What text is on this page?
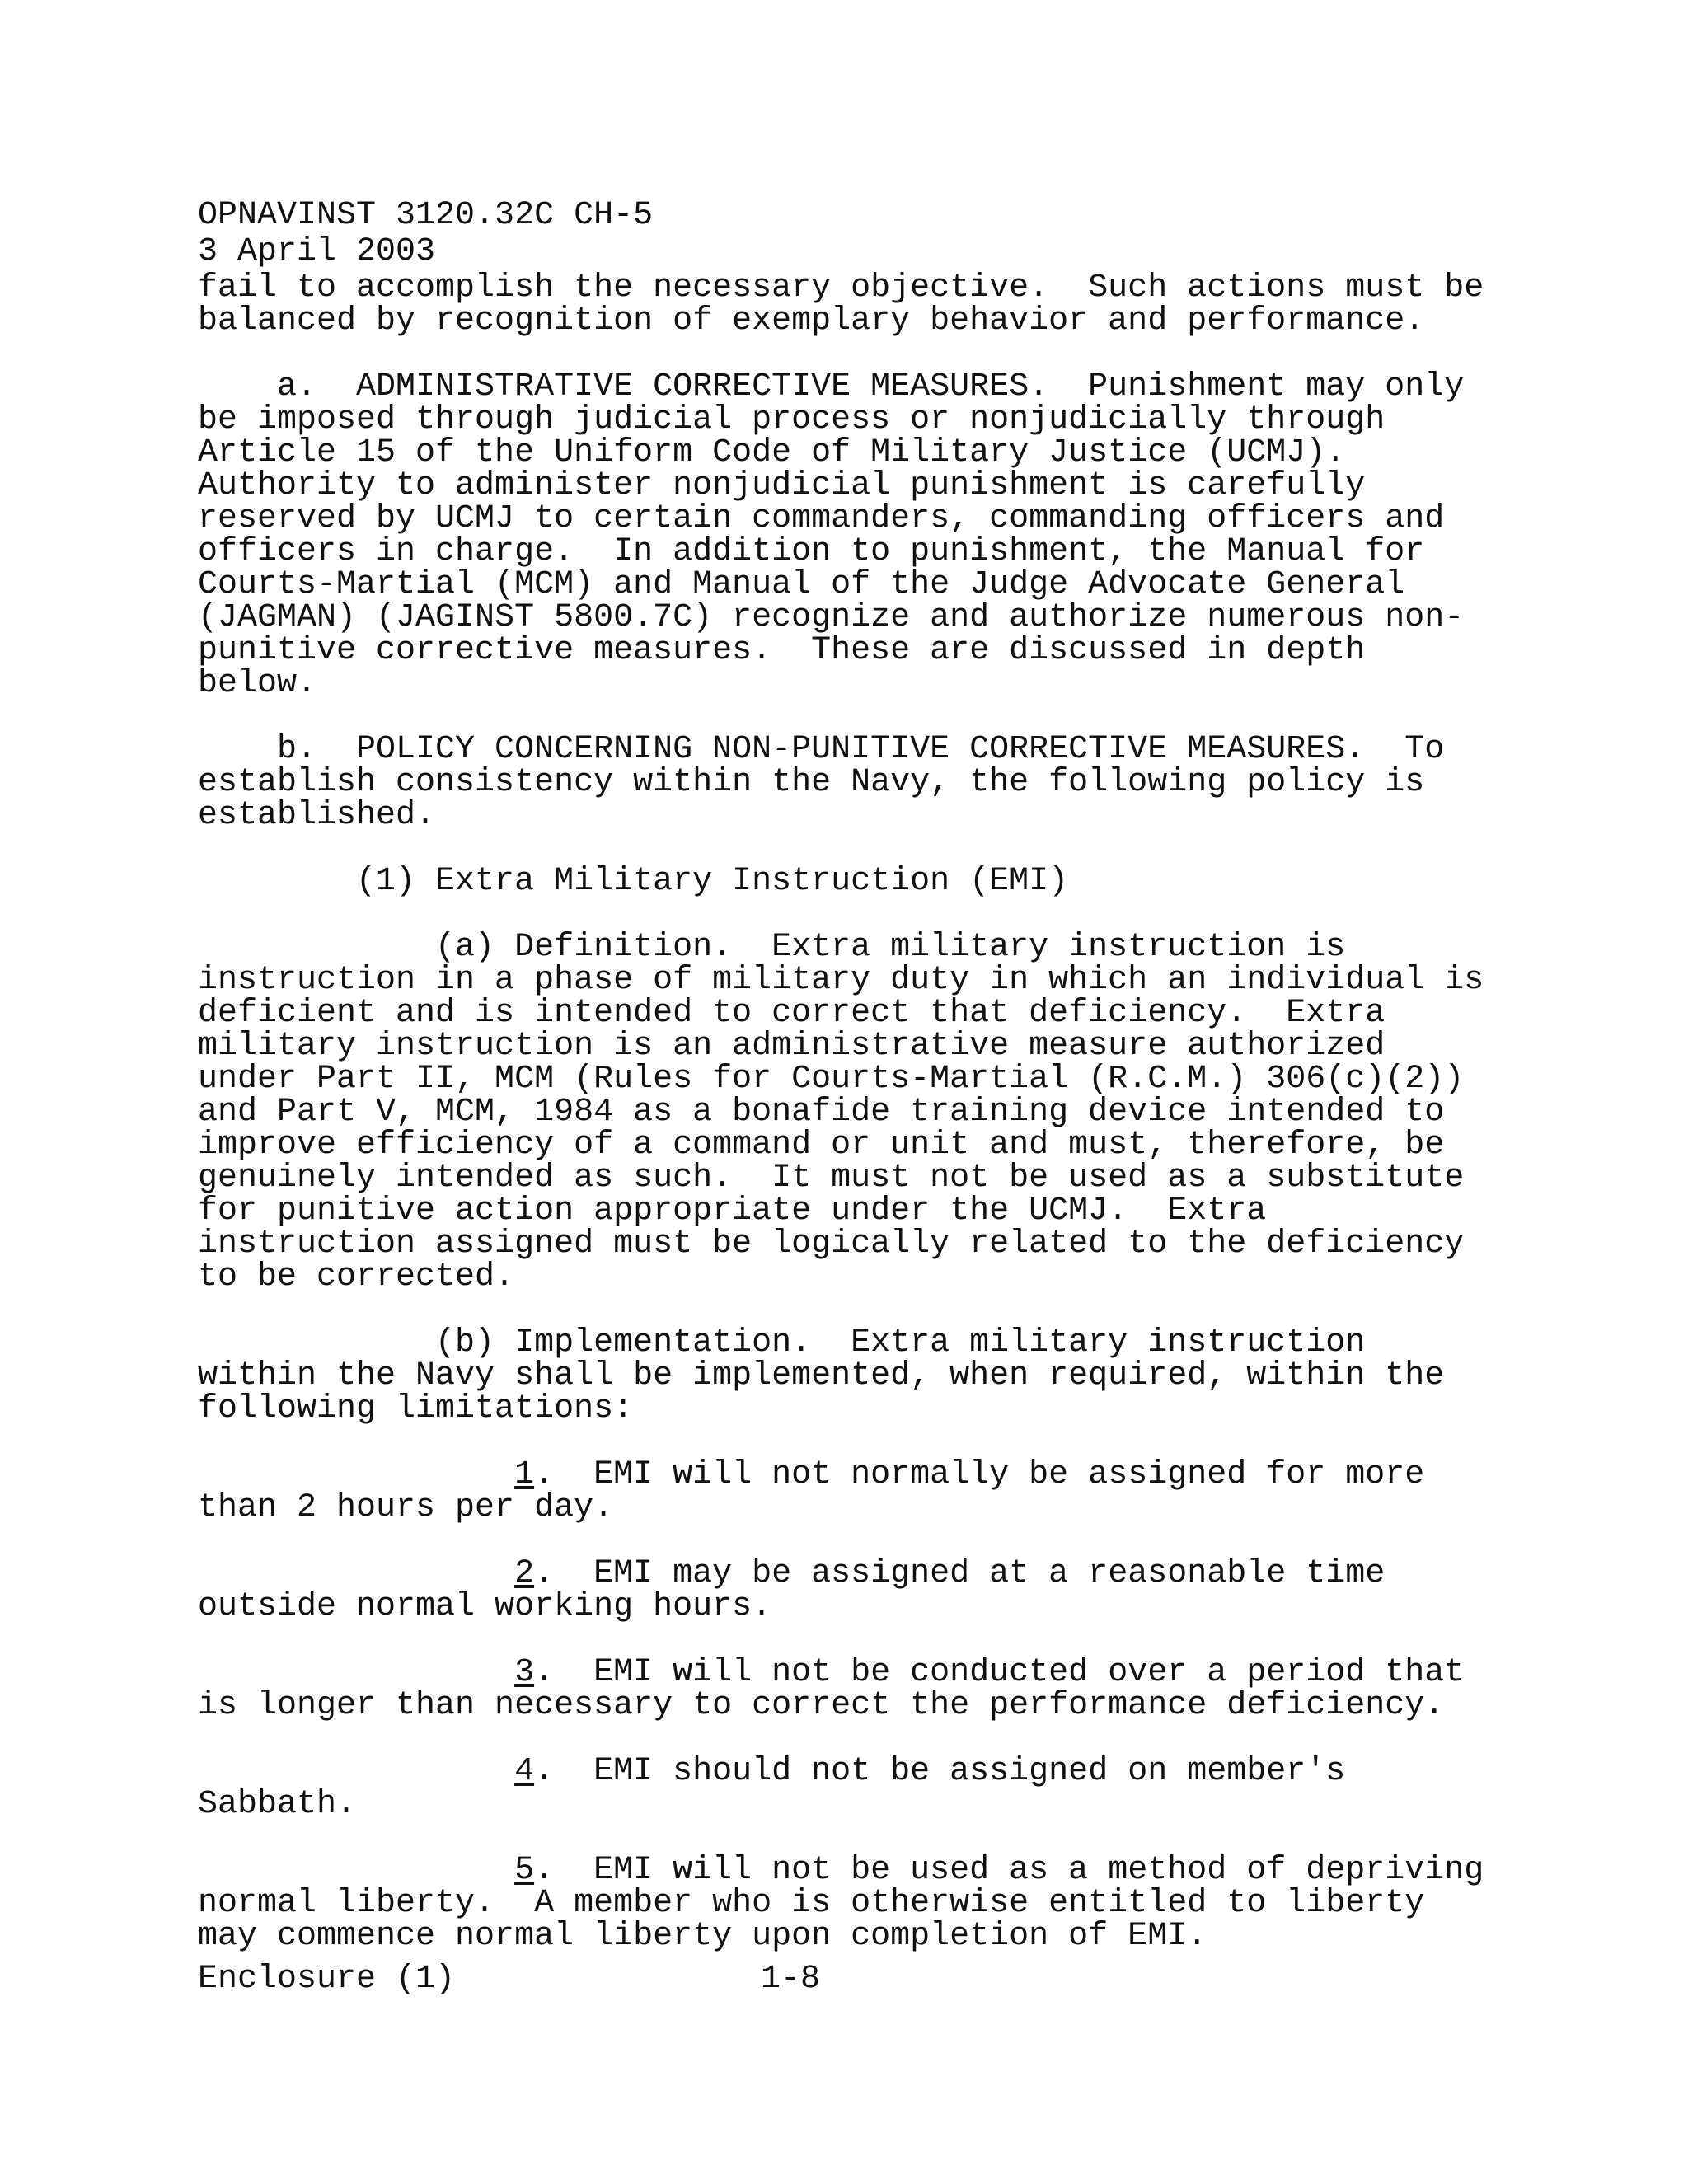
OPNAVINST 3120.32C CH-5

3 April 2003

fail to accomplish the necessary objective.  Such actions must be

balanced by recognition of exemplary behavior and performance.

a.  ADMINISTRATIVE CORRECTIVE MEASURES.  Punishment may only

be imposed through judicial process or nonjudicially through

Article 15 of the Uniform Code of Military Justice (UCMJ).

Authority to administer nonjudicial punishment is carefully

reserved by UCMJ to certain commanders, commanding officers and

officers in charge.  In addition to punishment, the Manual for

Courts-Martial (MCM) and Manual of the Judge Advocate General

(JAGMAN) (JAGINST 5800.7C) recognize and authorize numerous non-

punitive corrective measures.  These are discussed in depth

below.

b.  POLICY CONCERNING NON-PUNITIVE CORRECTIVE MEASURES.  To

establish consistency within the Navy, the following policy is

established.

(1) Extra Military Instruction (EMI)

(a) Definition.  Extra military instruction is

instruction in a phase of military duty in which an individual is

deficient and is intended to correct that deficiency.  Extra

military instruction is an administrative measure authorized

under Part II, MCM (Rules for Courts-Martial (R.C.M.) 306(c)(2))

and Part V, MCM, 1984 as a bonafide training device intended to

improve efficiency of a command or unit and must, therefore, be

genuinely intended as such.  It must not be used as a substitute

for punitive action appropriate under the UCMJ.  Extra

instruction assigned must be logically related to the deficiency

to be corrected.

(b) Implementation.  Extra military instruction

within the Navy shall be implemented, when required, within the

following limitations:

1.  EMI will not normally be assigned for more

than 2 hours per day.

2.  EMI may be assigned at a reasonable time

outside normal working hours.

3.  EMI will not be conducted over a period that

is longer than necessary to correct the performance deficiency.

4.  EMI should not be assigned on member's

Sabbath.

5.  EMI will not be used as a method of depriving

normal liberty.  A member who is otherwise entitled to liberty

may commence normal liberty upon completion of EMI.

Enclosure (1)	1-8
